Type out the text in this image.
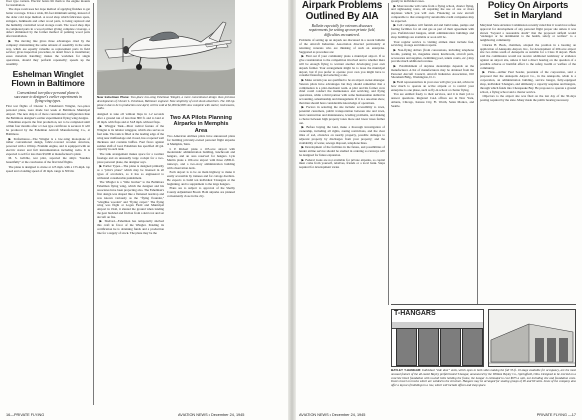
floor type carriers. Electric hoists lift them to the engine mounts for installation.

The dope room uses hot dope method of applying finishes to get better coverage. It has a wide, 60-foot minimum setting, instead of the older cold dope method. A wood shop which fabricates spars, stringers, bulkheads and other wood parts, is being replaced and the humidity controlled wood storage room. The wood shop dips in completed parts in a wood primer giving complete coverage, a defect eliminated by the former method of painting wood parts after installation.

▶ The moving line gives three advantages cited by the company: maintaining the same amount of assembly in the same way, which are equally valuable as replacement parts in field service; gives inspection procedure, in detail flows to installation; eases materials handling; makes the workmen for single operations, should they perform repeatedly; speeds up the assembly.

Eshelman Winglet Flown in Baltimore
Conventional two-place personal plane is successor to designer's earlier experiments in flying wing types.

First test flights of Chester L. Eshelman's Winglet, two-place personal plane, were made last week at Baltimore Municipal Airport. The new ship is of more conventional configuration than the Baltimore designer's earlier experimental flying wing designs.

Eshelman expects the first production, not to be completed until within four months after a CAA type certificate is secured. It will be produced by the Eshelman Aircraft Manufacturing Co., at Baltimore.

▶ Performance—The Winglet is a low-wing monoplane of rather conventional design, fabric-covered wooden structure, powered with a 100-hp. Franklin engine, and is equipped with an electric starter and full instrumentation including radio. It is expected to sell for less than $3,000 at manufacturer's plant.

M. S. Gribble, test pilot, reported the ship's "handles beautifully" at the conclusion of the first brief flights.

The plane is designed to cruise at 125 mph. with a 155-mph. top speed and a landing speed of 45 mph. range is 500 mi.

16—PRIVATE FLYING
New Eshelman Plane: Two-place low-wing Eshelman Winglet, a more conventional design than previous developments of Chester L. Eshelman, Baltimore engineer. Note simplicity of cord shock absorbers. The 100-hp. plane is due to be in production next April, will be sold at $2,000-$2,800 slow complete with starter, instruments, radio.

designed to take off without flaps in 1-2 seconds after a ground run of less than 800 ft. and to land at 45 mph. with flaps and at 54.8 mph. without flaps.

▶ Winggar Tank—Most radical feature of the Winglet is its tubular winggear, which also serves as fuel tank. The tank is filled at the leading edge of the wing near midfuselage and closed, has a tapered wall thickness and contains baffles. Fuel flows against sudden shift of load. Eshelman has specified 40 gal. capacity in each tank.

The tank arrangement makes space for a roomier fuselage and an unusually large cockpit for a two-place personal plane, the designer says.

▶ Earlier Types—The plane is designed primarily as a "pilot's plane" which may be licensed in all types of acrobatics, so it has so engineered to withstand considerable punishment.

The Winglet is a "little brother" to the Baltimore Eshelman flying wing, which the designer and his associates have been projecting also. The Eshelman's first design was shaped like a flattened teardrop and was known variously as the "flying flounder," "winglike wooden" and "flying carpet." The flying wing was flight at Logan Field and Municipal Airport in 1942, it slanted the ground when landing the gear buckled and friction from a skid cost and set aircraft on fire.

▶ Shelved—Eshelman has temporarily shelved this craft in favor of the Winglet. Pending its certification he is obtaining funds and a production line for a supply of stock. The plane may be the

Two AA Pilots Planning Airparks in Memphis Area

Two American Airlines pilots have announced plans for building privately-owned personal flight airparks at Memphis, Tenn.

I. P. Rickert plans a 105-acre airport with modernistic administration building, lunchroom and hangars, and an area reserved for hangars. Lyle Martin plans a 100-acre airport with three 2,800-ft. runways, and a two-story administration building with observation deck.

Each airport is to be on main highway to make it easily accessible by trainees and for cottage dwellers. He expects to build ten individual T-hangars at the beginning, and to supplement to the large hangars.

Plans are to subject to approval of the Shelby County Adjustment Board. Both airparks are planned conveniently close in the city.

AVIATION NEWS • December 24, 1945
Airpark Problems Outlined By AIA
Bulletin especially for veterans discusses requirements for setting up own private field, difficulties encountered.

Problems of setting up an airpark are discussed in a recent bulletin of the Aircraft Industries Association directed particularly at returning veterans who are thinking of such an enterprise. Suggested as procedure are:

▶ Find out if your community plans a municipal airport. If so give consideration to the competition involved and to whether there will be enough flying to warrant another developing your own airpark further. Your arrangement might be to lease the municipal airport, but if you prefer to operate your own you might have to consider financing and selecting a site.

▶ Make certain you are qualified to be an airport owner-manager. Veteran pilots have advantages but they should remember that a combination is a pilot-mechanic team. A pilot and his former crew chief could conduct the maintenance and servicing, and flying operations, while a third partner with some businessman skilled in accounting, salesmanship and management. If it is a one-man show, that man should have considerable knowledge of operations.

▶ Factors in selecting the site include: accessibility to town, potential customers, public transportation between site and town, land construction and maintenance, leveling problems, and making a choice between high property taxes more and lower taxes farther out.

▶ Before buying the land, make a thorough investigation of ownership, including all rights, zoning restrictions, and the clear titles of sod, obstacles on nearby property, possible damages to adjacent property by discharges from your property; and the availability of water, sewage disposal, telephone lines.

▶ Development of the facilities in the future, and possibilities of lender airline service should be studied in ordering so runways will be designed for future expansion.

▶ Federal loans are not available for private airparks, so capital must come from yourself, relatives, friends or a local bank. Steps required for development varies

AVIATION NEWS • December 24, 1945

greatly in individual cases.

▶ Most income will come from a flying school, charter flying, and sightseeing tours, all requiring the use of one or more airplanes which you will own. Financing on new aircraft comparable to that arranged by automobile credit companies may be expected.

▶ Cell companies will furnish aid and build tanks, pumps and fueling facilities for oil and gas as part of their agreement with you. Prefabricated hangars, small administration buildings and shop buildings are available or soon will be.

Your regular service to visiting airmen must include fuel, servicing, storage and minor repairs.

▶ Non-flying dollars (from concessions, including telephone booths, parking lot, magazine stand, lunchroom, aircraft parts, accessories and supplies, swimming pool, tennis courts, etc.) may provide much additional revenue.

▶ Establishment of airplane dealerships depends on the manufacturer. A list of manufacturers may be obtained from the Personal Aircraft Council, Aircraft Industries Association, 610 Shoreham Bldg., Washington, D. C.

▶ Field representatives in your area will give you aid, advice in how much to operate an active airpark or to restrict your enterprise to one phase, such as fly-in school or charter flying.

You are entitled freely to their services, and it is their job to answer questions. Regional CAA offices are in New York, Atlanta, Chicago, Kansas City, Ft. Worth, Santa Monica, and Seattle.

Policy On Airports Set in Maryland

Maryland State Aviation Commission recently ruled that it would not refuse approval for development of any personal flight proper site unless it was shown "beyond a reasonable doubt" that the proposed airfield would "endanger or be detrimental to the health, safety or welfare" to a neighboring community.

Charles H. Buck, chairman, adopted the position in a hearing on application of Annapolis Airport, Inc., for development of 200-acre airport site two miles south of Annapolis as suitable for a Class II airport. Buck said the commission would not receive additional testimony or evidence against an airport site, unless it had a direct bearing on the question of a possible adverse or harmful effect to the safety, health or welfare of the community.

▶ Plans—Arthur Paul Seader, president of the corporation, said a proposed that the Annapolis Airport Co., in the Annapolis, whoh is a corporation, an administration building, service hangar, fully-equipped shop, individual T-hangars, and ultimately a capacity seaplane and hangars, through which funds into Chesapeake Bay. He proposes to operate a ground school, a flying school and a charter service.

Objectors to the airport site was filed on the last day of the 30-days posting required by the state. Many made the public hearing necessary.

T-HANGARS
BAYLEY T-HANGAR: Individual "side door" units, which open to both sides making the full 35-ft. 10-stage available for occupancy, are the most unusual feature of the all-metal Bayley prefabricated T-hangar, announced by the William Bayley Co., Springfield, Ohio. Designed to be erected on a concrete block foundation with no-bolt bolts holding the frame, the hangar is estimated to cost $675 a unit, not including site and foundation costs. Doors travel on tracks which are welded to the structure. Hangars may be arranged for seating groups of 90 and 60 units. Lines of the company also offer a layout of buildings in a row, which will include offices and shop space.
PRIVATE FLYING —17
